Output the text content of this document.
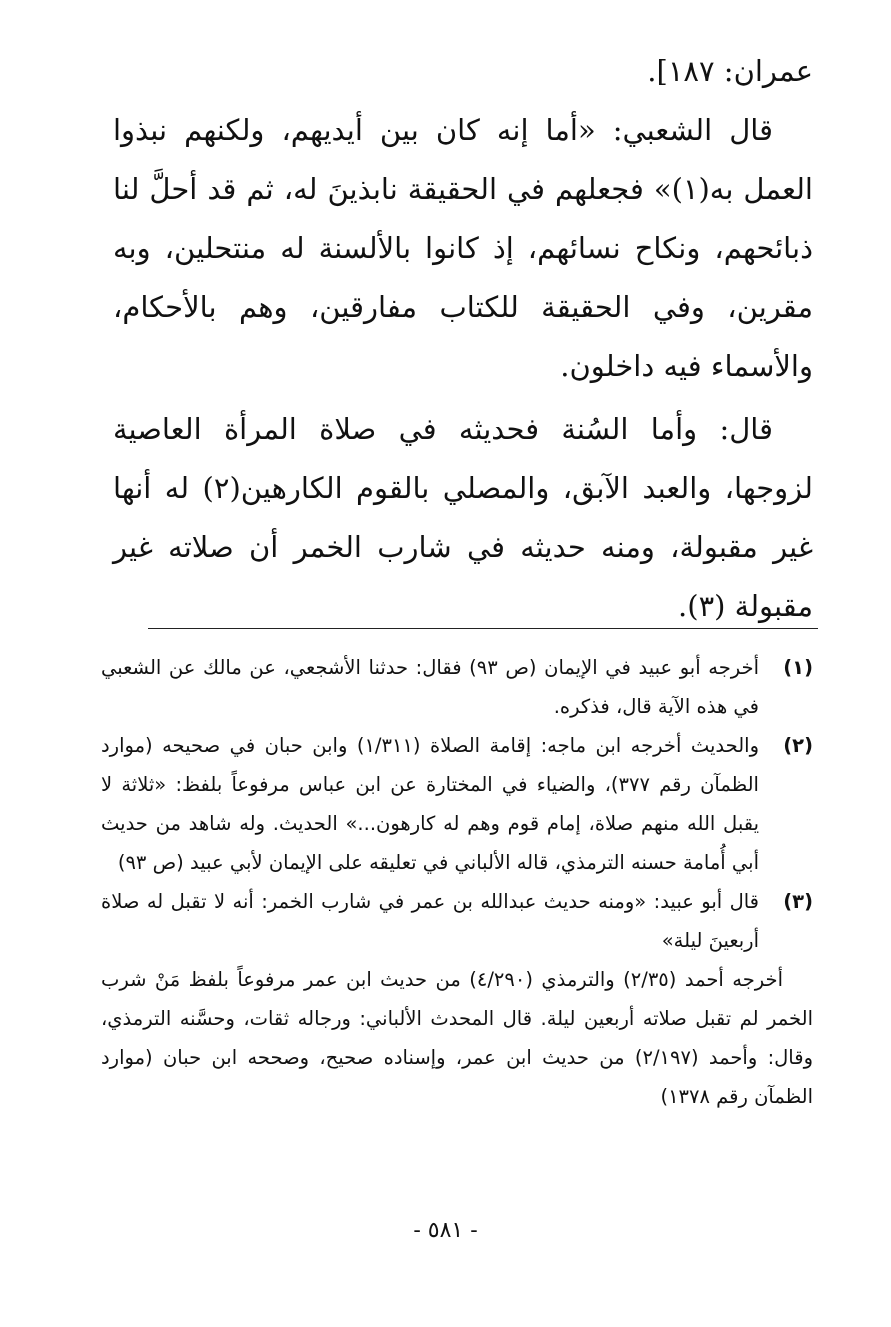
عمران: ١٨٧].

قال الشعبي: «أما إنه كان بين أيديهم، ولكنهم نبذوا العمل به(١)» فجعلهم في الحقيقة نابذينَ له، ثم قد أحلَّ لنا ذبائحهم، ونكاح نسائهم، إذ كانوا بالألسنة له منتحلين، وبه مقرين، وفي الحقيقة للكتاب مفارقين، وهم بالأحكام، والأسماء فيه داخلون.

قال: وأما السُنة فحديثه في صلاة المرأة العاصية لزوجها، والعبد الآبق، والمصلي بالقوم الكارهين(٢) له أنها غير مقبولة، ومنه حديثه في شارب الخمر أن صلاته غير مقبولة (٣).

(١)
أخرجه أبو عبيد في الإيمان (ص ٩٣) فقال: حدثنا الأشجعي، عن مالك عن الشعبي في هذه الآية قال، فذكره.
(٢)
والحديث أخرجه ابن ماجه: إقامة الصلاة (١/٣١١) وابن حبان في صحيحه (موارد الظمآن رقم ٣٧٧)، والضياء في المختارة عن ابن عباس مرفوعاً بلفظ: «ثلاثة لا يقبل الله منهم صلاة، إمام قوم وهم له كارهون...» الحديث. وله شاهد من حديث أبي أُمامة حسنه الترمذي، قاله الألباني في تعليقه على الإيمان لأبي عبيد (ص ٩٣)
(٣)
قال أبو عبيد: «ومنه حديث عبدالله بن عمر في شارب الخمر: أنه لا تقبل له صلاة أربعينَ ليلة»
أخرجه أحمد (٢/٣٥) والترمذي (٤/٢٩٠) من حديث ابن عمر مرفوعاً بلفظ مَنْ شرب الخمر لم تقبل صلاته أربعين ليلة. قال المحدث الألباني: ورجاله ثقات، وحسَّنه الترمذي، وقال: وأحمد (٢/١٩٧) من حديث ابن عمر، وإسناده صحيح، وصححه ابن حبان (موارد الظمآن رقم ١٣٧٨)
- ٥٨١ -
